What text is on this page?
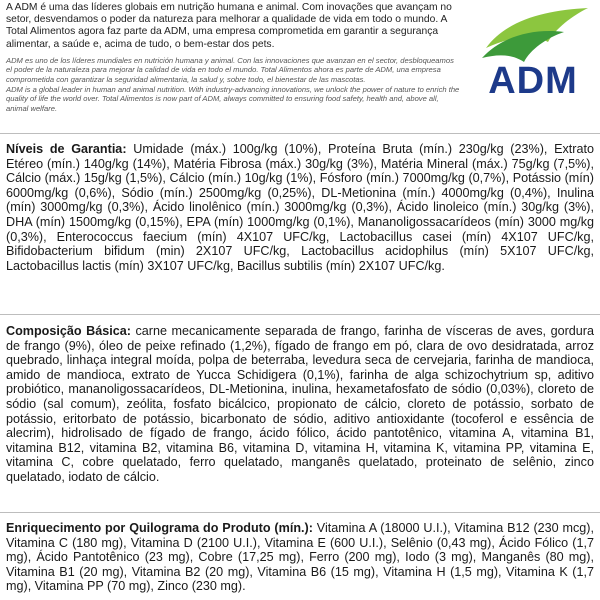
A ADM é uma das líderes globais em nutrição humana e animal. Com inovações que avançam no setor, desvendamos o poder da natureza para melhorar a qualidade de vida em todo o mundo. A Total Alimentos agora faz parte da ADM, uma empresa comprometida em garantir a segurança alimentar, a saúde e, acima de tudo, o bem-estar dos pets.

ADM es uno de los líderes mundiales en nutrición humana y animal. Con las innovaciones que avanzan en el sector, desbloqueamos el poder de la naturaleza para mejorar la calidad de vida en todo el mundo. Total Alimentos ahora es parte de ADM, una empresa comprometida con garantizar la seguridad alimentaria, la salud y, sobre todo, el bienestar de las mascotas.

ADM is a global leader in human and animal nutrition. With industry-advancing innovations, we unlock the power of nature to enrich the quality of life the world over. Total Alimentos is now part of ADM, always committed to ensuring food safety, health and, above all, animal welfare.

ADM
Níveis de Garantia: Umidade (máx.) 100g/kg (10%), Proteína Bruta (mín.) 230g/kg (23%), Extrato Etéreo (mín.) 140g/kg (14%), Matéria Fibrosa (máx.) 30g/kg (3%), Matéria Mineral (máx.) 75g/kg (7,5%), Cálcio (máx.) 15g/kg (1,5%), Cálcio (mín.) 10g/kg (1%), Fósforo (mín.) 7000mg/kg (0,7%), Potássio (mín) 6000mg/kg (0,6%), Sódio (mín.) 2500mg/kg (0,25%), DL-Metionina (mín.) 4000mg/kg (0,4%), Inulina (mín) 3000mg/kg (0,3%), Ácido linolênico (mín.) 3000mg/kg (0,3%), Ácido linoleico (mín.) 30g/kg (3%), DHA (mín) 1500mg/kg (0,15%), EPA (mín) 1000mg/kg (0,1%), Mananoligossacarídeos (mín) 3000 mg/kg (0,3%), Enterococcus faecium (mín) 4X107 UFC/kg, Lactobacillus casei (mín) 4X107 UFC/kg, Bifidobacterium bifidum (min) 2X107 UFC/kg, Lactobacillus acidophilus (mín) 5X107 UFC/kg, Lactobacillus lactis (mín) 3X107 UFC/kg, Bacillus subtilis (mín) 2X107 UFC/kg.
Composição Básica: carne mecanicamente separada de frango, farinha de vísceras de aves, gordura de frango (9%), óleo de peixe refinado (1,2%), fígado de frango em pó, clara de ovo desidratada, arroz quebrado, linhaça integral moída, polpa de beterraba, levedura seca de cervejaria, farinha de mandioca, amido de mandioca, extrato de Yucca Schidigera (0,1%), farinha de alga schizochytrium sp, aditivo probiótico, mananoligossacarídeos, DL-Metionina, inulina, hexametafosfato de sódio (0,03%), cloreto de sódio (sal comum), zeólita, fosfato bicálcico, propionato de cálcio, cloreto de potássio, sorbato de potássio, eritorbato de potássio, bicarbonato de sódio, aditivo antioxidante (tocoferol e essência de alecrim), hidrolisado de fígado de frango, ácido fólico, ácido pantotênico, vitamina A, vitamina B1, vitamina B12, vitamina B2, vitamina B6, vitamina D, vitamina H, vitamina K, vitamina PP, vitamina E, vitamina C, cobre quelatado, ferro quelatado, manganês quelatado, proteinato de selênio, zinco quelatado, iodato de cálcio.
Enriquecimento por Quilograma do Produto (mín.): Vitamina A (18000 U.I.), Vitamina B12 (230 mcg), Vitamina C (180 mg), Vitamina D (2100 U.I.), Vitamina E (600 U.I.), Selênio (0,43 mg), Ácido Fólico (1,7 mg), Ácido Pantotênico (23 mg), Cobre (17,25 mg), Ferro (200 mg), Iodo (3 mg), Manganês (80 mg), Vitamina B1 (20 mg), Vitamina B2 (20 mg), Vitamina B6 (15 mg), Vitamina H (1,5 mg), Vitamina K (1,7 mg), Vitamina PP (70 mg), Zinco (230 mg).
